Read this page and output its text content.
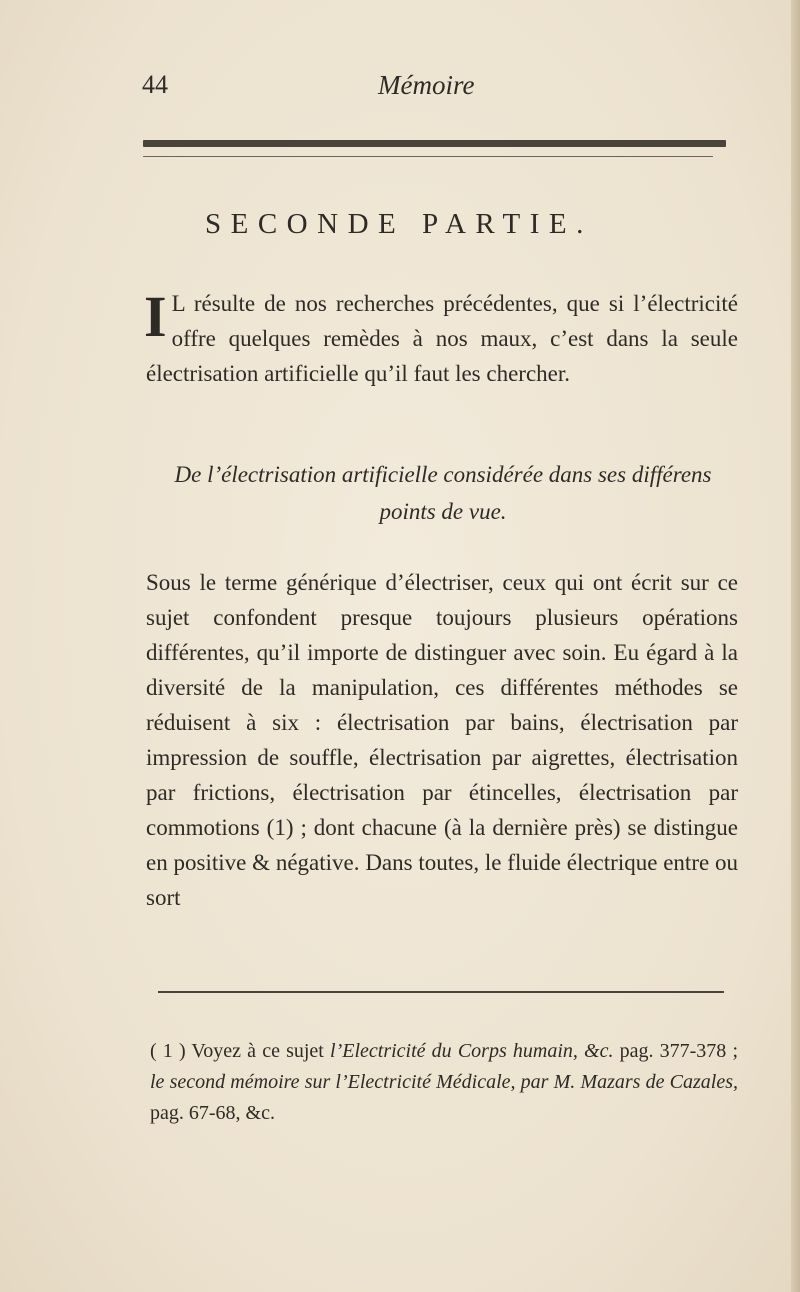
44	Mémoire
SECONDE PARTIE.
I L résulte de nos recherches précédentes, que si l’électricité offre quelques remèdes à nos maux, c’est dans la seule électrisation artificielle qu’il faut les chercher.
De l’électrisation artificielle considérée dans ses différens points de vue.
Sous le terme générique d’électriser, ceux qui ont écrit sur ce sujet confondent presque toujours plusieurs opérations différentes, qu’il importe de distinguer avec soin. Eu égard à la diversité de la manipulation, ces différentes méthodes se réduisent à six : électrisation par bains, électrisation par impression de souffle, électrisation par aigrettes, électrisation par frictions, électrisation par étincelles, électrisation par commotions (1) ; dont chacune (à la dernière près) se distingue en positive & négative. Dans toutes, le fluide électrique entre ou sort
( 1 ) Voyez à ce sujet l’Electricité du Corps humain, &c. pag. 377-378 ; le second mémoire sur l’Electricité Médicale, par M. Mazars de Cazales, pag. 67-68, &c.
